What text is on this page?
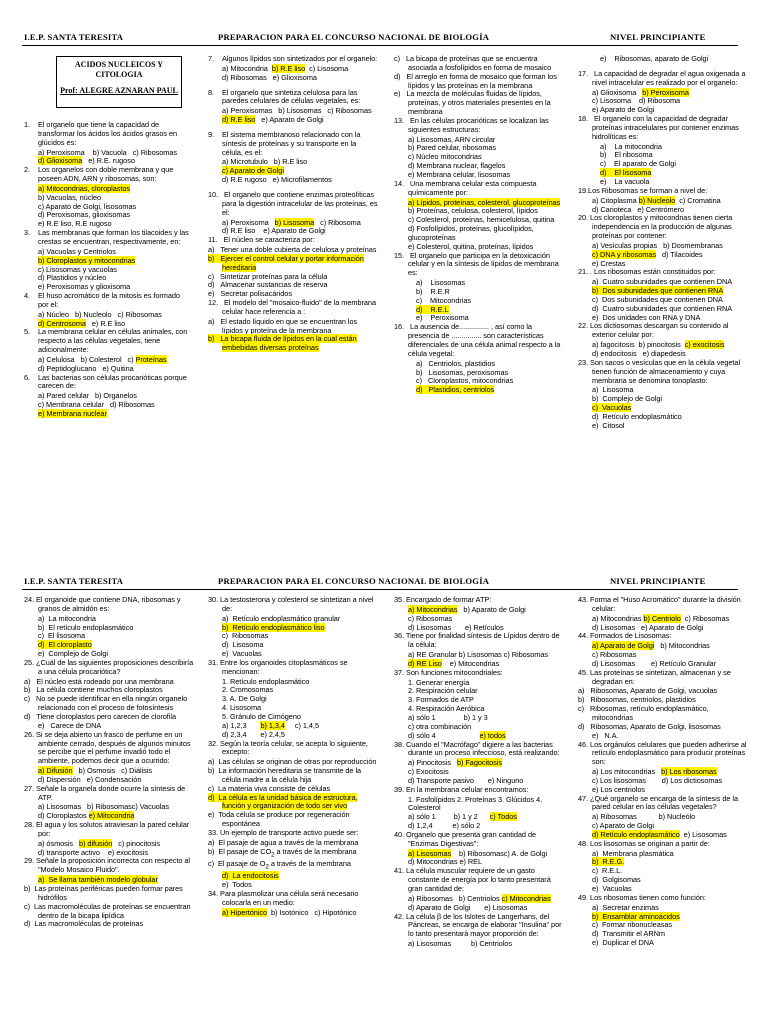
I.E.P. SANTA TERESITA	PREPARACION PARA EL CONCURSO NACIONAL DE BIOLOGÍA	NIVEL PRINCIPIANTE
ACIDOS NUCLEICOS Y CITOLOGIA
Prof: ALEGRE AZNARAN PAUL
1.    El organelo que tiene la capacidad de transformar los ácidos los ácidos grasos en glúcidos es:
a) Peroxisoma    b) Vacuola   c) Ribosomas
d) Glioxisoma   e) R.E. rugoso
2.    Los organelos con doble membrana y que poseen ADN, ARN y ribosomas, son:
a) Mitocondrias, cloroplastos
b) Vacuolas, núcleo
c) Aparato de Golgi, lisosomas
d) Peroxisomas, glioxisomas
e) R.E liso, R.E rugoso
3.    Las membranas que forman los tilacoides y las crestas se encuentran, respectivamente, en:
a) Vacuolas y Centriolos
b) Cloroplastos y mitocondrias
c) Lisosomas y vacuolas
d) Plastidios y núcleo
e) Peroxisomas y glioxisoma
4.    El huso acromático de la mitosis es formado por el:
a) Núcleo   b) Nucleolo   c) Ribosomas
d) Centrosoma   e) R.E liso
5.    La membrana celular en células animales, con respecto a las células vegetales, tiene adicionalmente:
a) Celulosa   b) Colesterol   c) Proteínas
d) Peptidoglucano   e) Quitina
6.    Las bacterias son células procarióticas porque carecen de:
a) Pared celular   b) Organelos
c) Membrana celular   d) Ribosomas
e) Membrana nuclear
7.    Algunos lípidos son sintetizados por el organelo:
a) Mitocondria  b) R.E liso  c) Lisosoma
d) Ribosomas   e) Glioxisoma
8.    El organelo que sintetiza celulosa para las paredes celulares de células vegetales, es:
a) Peroxisomas   b) Lisosomas   c) Ribosomas
d) R.E liso   e) Aparato de Golgi
9.    El sistema membranoso relacionado con la síntesis de proteínas y su transporte en la célula, es el:
a) Microtubulo   b) R.E liso
c) Aparato de Golgi
d) R.E rugoso   e) Microfilamentos
10.   El organelo que contiene enzimas proteolíticas para la digestión intracelular de las proteínas, es el:
a) Peroxisoma   b) Lisosoma   c) Ribosoma
d) R.E liso    e) Aparato de Golgi
11.   El núcleo se caracteriza por:
a)   Tener una doble cubierta de celulosa y proteínas
b)   Ejercer el control celular y portar información hereditaria
c)   Sintetizar proteínas para la célula
d)   Almacenar sustancias de reserva
e)   Secretar polisacáridos
12.   El modelo del "mosaico-fluido" de la membrana celular hace referencia a :
a)   El estado líquido en que se encuentran los lípidos y proteína de la membrana
b)   La bicapa fluida de lípidos en la cual están embebidas diversas proteínas
c)   La bicapa de proteínas que se encuentra asociada a fosfolípidos en forma de mosaico
d)   El arreglo en forma de mosaico que forman los lípidos y las proteínas en la membrana
e)   La mezcla de moléculas fluidas de lípidos, proteínas, y otros materiales presentes en la membrana
13.   En las células procarióticas se localizan las siguientes estructuras:
a) Lisosomas, ARN circular
b) Pared celular, ribosomas
c) Núcleo mitocondrias
d) Membrana nuclear, flagelos
e) Membrana celular, lisosomas
14.   Una membrana celular esta compuesta químicamente por:
a) Lípidos, proteínas, colesterol, glucoproteínas
b) Proteínas, celulosa, colesterol, lípidos
c) Colesterol, proteínas, hemicelulosa, quitina
d) Fosfolípidos, proteínas, glucolípidos, glucoproteínas
e) Colesterol, quitina, proteínas, lípidos
15.   El organelo que participa en la detoxicación celular y en la síntesis de lípidos de membrana es:
a)    Lisosomas
b)    R.E.R
c)    Mitocondrias
d)    R.E.L
e)    Peroxisoma
16.   La ausencia de............... , así como la presencia de ............... son características diferenciales de una célula animal respecto a la célula vegetal:
a)   Centriolos, plastidios
b)   Lisosomas, peroxisomas
c)   Cloroplastos, mitocondrias
d)   Plastidios, centriolos
e)    Ribosomas, aparato de Golgi
17.   La capacidad de degradar el agua oxigenada a nivel intracelular es realizado por el organelo:
a) Glioxisoma   b) Peroxisoma
c) Lisosoma    d) Ribosoma
e) Aparato de Golgi
18.   El organelo con la capacidad de degradar proteínas intracelulares por contener enzimas hidrolíticas es:
a)    La mitocondria
b)    El ribosoma
c)    El aparato de Golgi
d)    El lisosoma
e)    La vacuola
19.Los Ribosomas se forman a nivel de:
a) Citoplasma b) Nucleolo  c) Cromatina
d) Carioteca   e) Centrómero
20. Los cloroplastos y mitocondrias tienen cierta independencia en la producción de algunas proteínas por contener:
a) Vesículas propias   b) Dosmembranas
c) DNA y ribosomas   d) Tilacoides
e) Crestas
21. . Los ribosomas están constituidos por:
a)  Cuatro subunidades que contienen DNA
b)  Dos subunidades que contienen RNA
c)  Dos subunidades que contienen DNA
d)  Cuatro subunidades que contienen RNA
e)  Dos unidades con RNA y DNA
22. Los dictiosomas descargan su contenido al exterior celular por:
a) fagocitosis  b) pinocitosis  c) exocitosis
d) endocitosis   e) diapedesis
23. Son sacos o vesículas que en la célula vegetal tienen función de almacenamiento y cuya membrana se denomina tonoplasto:
a)  Lisosoma
b)  Complejo de Golgi
c)  Vacuolas
d)  Retículo endoplasmático
e)  Citosol
I.E.P. SANTA TERESITA	PREPARACION PARA EL CONCURSO NACIONAL DE BIOLOGÍA	NIVEL PRINCIPIANTE
24. El organoide que contiene DNA, ribosomas y granos de almidón es:
a)  La mitocondria
b)  El retículo endoplasmático
c)  El lisosoma
d)  El cloroplasto
e)  Complejo de Golgi
25. ¿Cuál de las siguientes proposiciones describiría a una célula procariótica?
a)   El núcleo está rodeado por una membrana
b)   La célula contiene muchos cloroplastos
c)   No se puede identificar en ella ningún organelo relacionado con el proceso de fotosíntesis
d)   Tiene cloroplastos pero carecen de clorofila
e)   Carece de DNA
26. Si se deja abierto un frasco de perfume en un ambiente cerrado, después de algunos minutos se percibe que el perfume invadió todo el ambiente, podemos decir que a ocurrido:
a) Difusión   b) Ósmosis   c) Diálisis
d) Dispersión   e) Condensación
27. Señale la organela donde ocurre la síntesis de ATP.
a) Lisosomas   b) Ribosomasc) Vacuolas
d) Cloroplastos e) Mitocondria
28. El agua y los solutos atraviesan la pared celular por:
a) ósmosis   b) difusión   c) pinocitosis
d) transporte activo    e) exocitosis
29. Señale la proposición incorrecta con respecto al "Modelo Mosaico Fluido".
a)  Se llama también modelo globular
b)  Las proteínas periféricas pueden formar pares hidrófilos
c)  Las macromoléculas de proteínas se encuentran dentro de la bicapa lipídica
d)  Las macromoléculas de proteínas
30. La testosterona y colesterol se sintetizan a nivel de:
a)  Retículo endoplasmático granular
b)  Retículo endoplasmático liso
c)  Ribosomas
d)  Lisosoma
e)  Vacuolas
31. Entre los organoides citoplasmáticos se mencionan:
1. Retículo endoplasmático
2. Cromosomas
3. A. De Golgi
4. Lisosoma
5. Gránulo de Cimógeno
a) 1,2,3       b) 1,3,4     c) 1,4,5
d) 2,3,4       e) 2,4,5
32. Según la teoría celular, se acepta lo siguiente, excepto:
a)  Las células se originan de otras por reproducción
b)  La información hereditaria se transmite de la célula madre a la célula hija
c)  La materia viva consiste de células
d)  La célula es la unidad básica de estructura, función y organización de todo ser vivo
e)  Toda célula se produce por regeneración espontánea
33. Un ejemplo de transporte activo puede ser:
a)  El pasaje de agua a través de la membrana
b)  El pasaje de $CO_2$ a través de la membrana
c)  El pasaje de $O_2$ a través de la membrana
d)  La endocitosis
e)  Todos
34. Para plasmolizar una célula será necesario colocarla en un medio:
a) Hipertónico  b) Isotónico   c) Hipotónico
35. Encargado de formar ATP:
a) Mitocondrias   b) Aparato de Golgi
c) Ribosomas
d) Lisosomas       e) Retículos
36. Tiene por finalidad síntesis de Lípidos dentro de la célula:
a) RE Granular b) Lisosomas c) Ribosomas
d) RE Liso    e) Mitocondrias
37. Son funciones mitocondriales:
1. Generar energía
2. Respiración celular
3. Formados de ATP
4. Respiración Aeróbica
a) sólo 1              b) 1 y 3
c) otra combinación
d) sólo 4                      e) todos
38. Cuando el "Macrófago" digiere a las bacterias durante un proceso infeccioso, está realizando:
a) Pinocitosis   b) Fagocitosis
c) Exocitosis
d) Transporte pasivo       e) Ninguno
39. En la membrana celular encontramos:
1. Fosfolípidos 2. Proteínas 3. Glúcidos 4. Colesterol
a) sólo 1         b) 1 y 2      c) Todos
d) 1,2,4          e) sólo 2
40. Organelo que presenta gran cantidad de "Enzimas Digestivas":
a) Lisosomas    b) Ribosomasc) A. de Golgi
d) Mitocondrias e) REL
41. La célula muscular requiere de un gasto constante de energía por lo tanto presentará gran cantidad de:
a) Ribosomas   b) Centriolos c) Mitocondrias
d) Aparato de Golgi       e) Lisosomas
42. La célula β de los Islotes de Langerhans, del Páncreas, se encarga de elaborar "Insulina" por lo tanto presentará mayor proporción de:
a) Lisosomas          b) Centriolos
43. Forma el "Huso Acromático" durante la división celular:
a) Mitocondrias b) Centriolo  c) Ribosomas
d) Lisosomas   e) Aparato de Golgi
44. Formados de Lisosomas:
a) Aparato de Golgi   b) Mitocondrias
c) Ribosomas
d) Lisosomas        e) Retículo Granular
45. Las proteínas se sintetizan, almacenan y se degradan en:
a)   Ribosomas, Aparato de Golgi, vacuolas
b)   Ribosomas, centriolos, plastidios
c)   Ribosomas, retículo endoplasmático, mitocondrias
d)   Ribosomas, Aparato de Golgi, lisosomas
e)   N.A.
46. Los orgánulos celulares que pueden adherirse al retículo endoplasmático para producir proteínas son:
a) Los mitocondrias   b) Los ribosomas
c) Los lisosomas        d) Los dictiosomas
e) Los centriolos
47. ¿Qué organelo se encarga de la síntesis de la pared celular en las células vegetales?
a) Ribosomas           b) Nucleólo
c) Aparato de Golgi
d) Retículo endoplasmático  e) Lisosomas
48. Los lisosomas se originan a partir de:
a)  Membrana plasmática
b)  R.E.G.
c)  R.E.L.
d)  Golgisomas
e)  Vacuolas
49. Los ribosomas tienen como función:
a)  Secretar enzimas
b)  Ensamblar aminoácidos
c)  Formar ribonucleasas
d)  Transmitir el ARNm
e)  Duplicar el DNA
